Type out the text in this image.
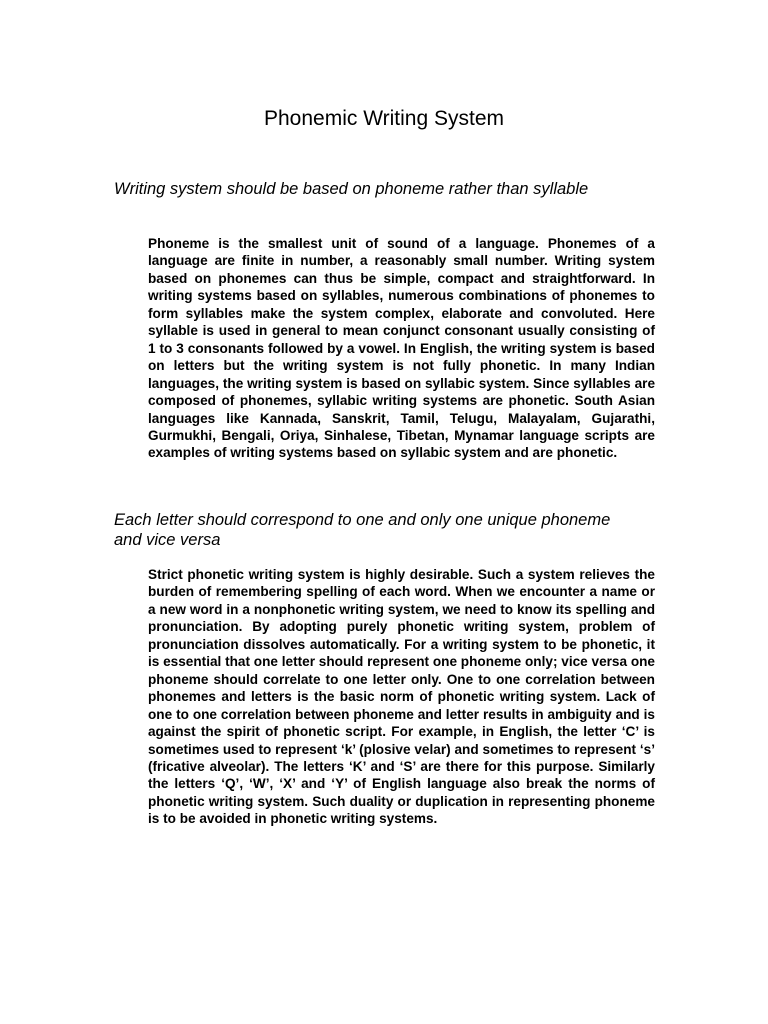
Phonemic Writing System
Writing system should be based on phoneme rather than syllable

Phoneme is the smallest unit of sound of a language. Phonemes of a language are finite in number, a reasonably small number. Writing system based on phonemes can thus be simple, compact and straightforward. In writing systems based on syllables, numerous combinations of phonemes to form syllables make the system complex, elaborate and convoluted. Here syllable is used in general to mean conjunct consonant usually consisting of 1 to 3 consonants followed by a vowel. In English, the writing system is based on letters but the writing system is not fully phonetic. In many Indian languages, the writing system is based on syllabic system. Since syllables are composed of phonemes, syllabic writing systems are phonetic. South Asian languages like Kannada, Sanskrit, Tamil, Telugu, Malayalam, Gujarathi, Gurmukhi, Bengali, Oriya, Sinhalese, Tibetan, Mynamar language scripts are examples of writing systems based on syllabic system and are phonetic.

Each letter should correspond to one and only one unique phoneme and vice versa

Strict phonetic writing system is highly desirable. Such a system relieves the burden of remembering spelling of each word. When we encounter a name or a new word in a nonphonetic writing system, we need to know its spelling and pronunciation. By adopting purely phonetic writing system, problem of pronunciation dissolves automatically. For a writing system to be phonetic, it is essential that one letter should represent one phoneme only; vice versa one phoneme should correlate to one letter only. One to one correlation between phonemes and letters is the basic norm of phonetic writing system. Lack of one to one correlation between phoneme and letter results in ambiguity and is against the spirit of phonetic script. For example, in English, the letter ‘C’ is sometimes used to represent ‘k’ (plosive velar) and sometimes to represent ‘s’ (fricative alveolar). The letters ‘K’ and ‘S’ are there for this purpose. Similarly the letters ‘Q’, ‘W’, ‘X’ and ‘Y’ of English language also break the norms of phonetic writing system. Such duality or duplication in representing phoneme is to be avoided in phonetic writing systems.
